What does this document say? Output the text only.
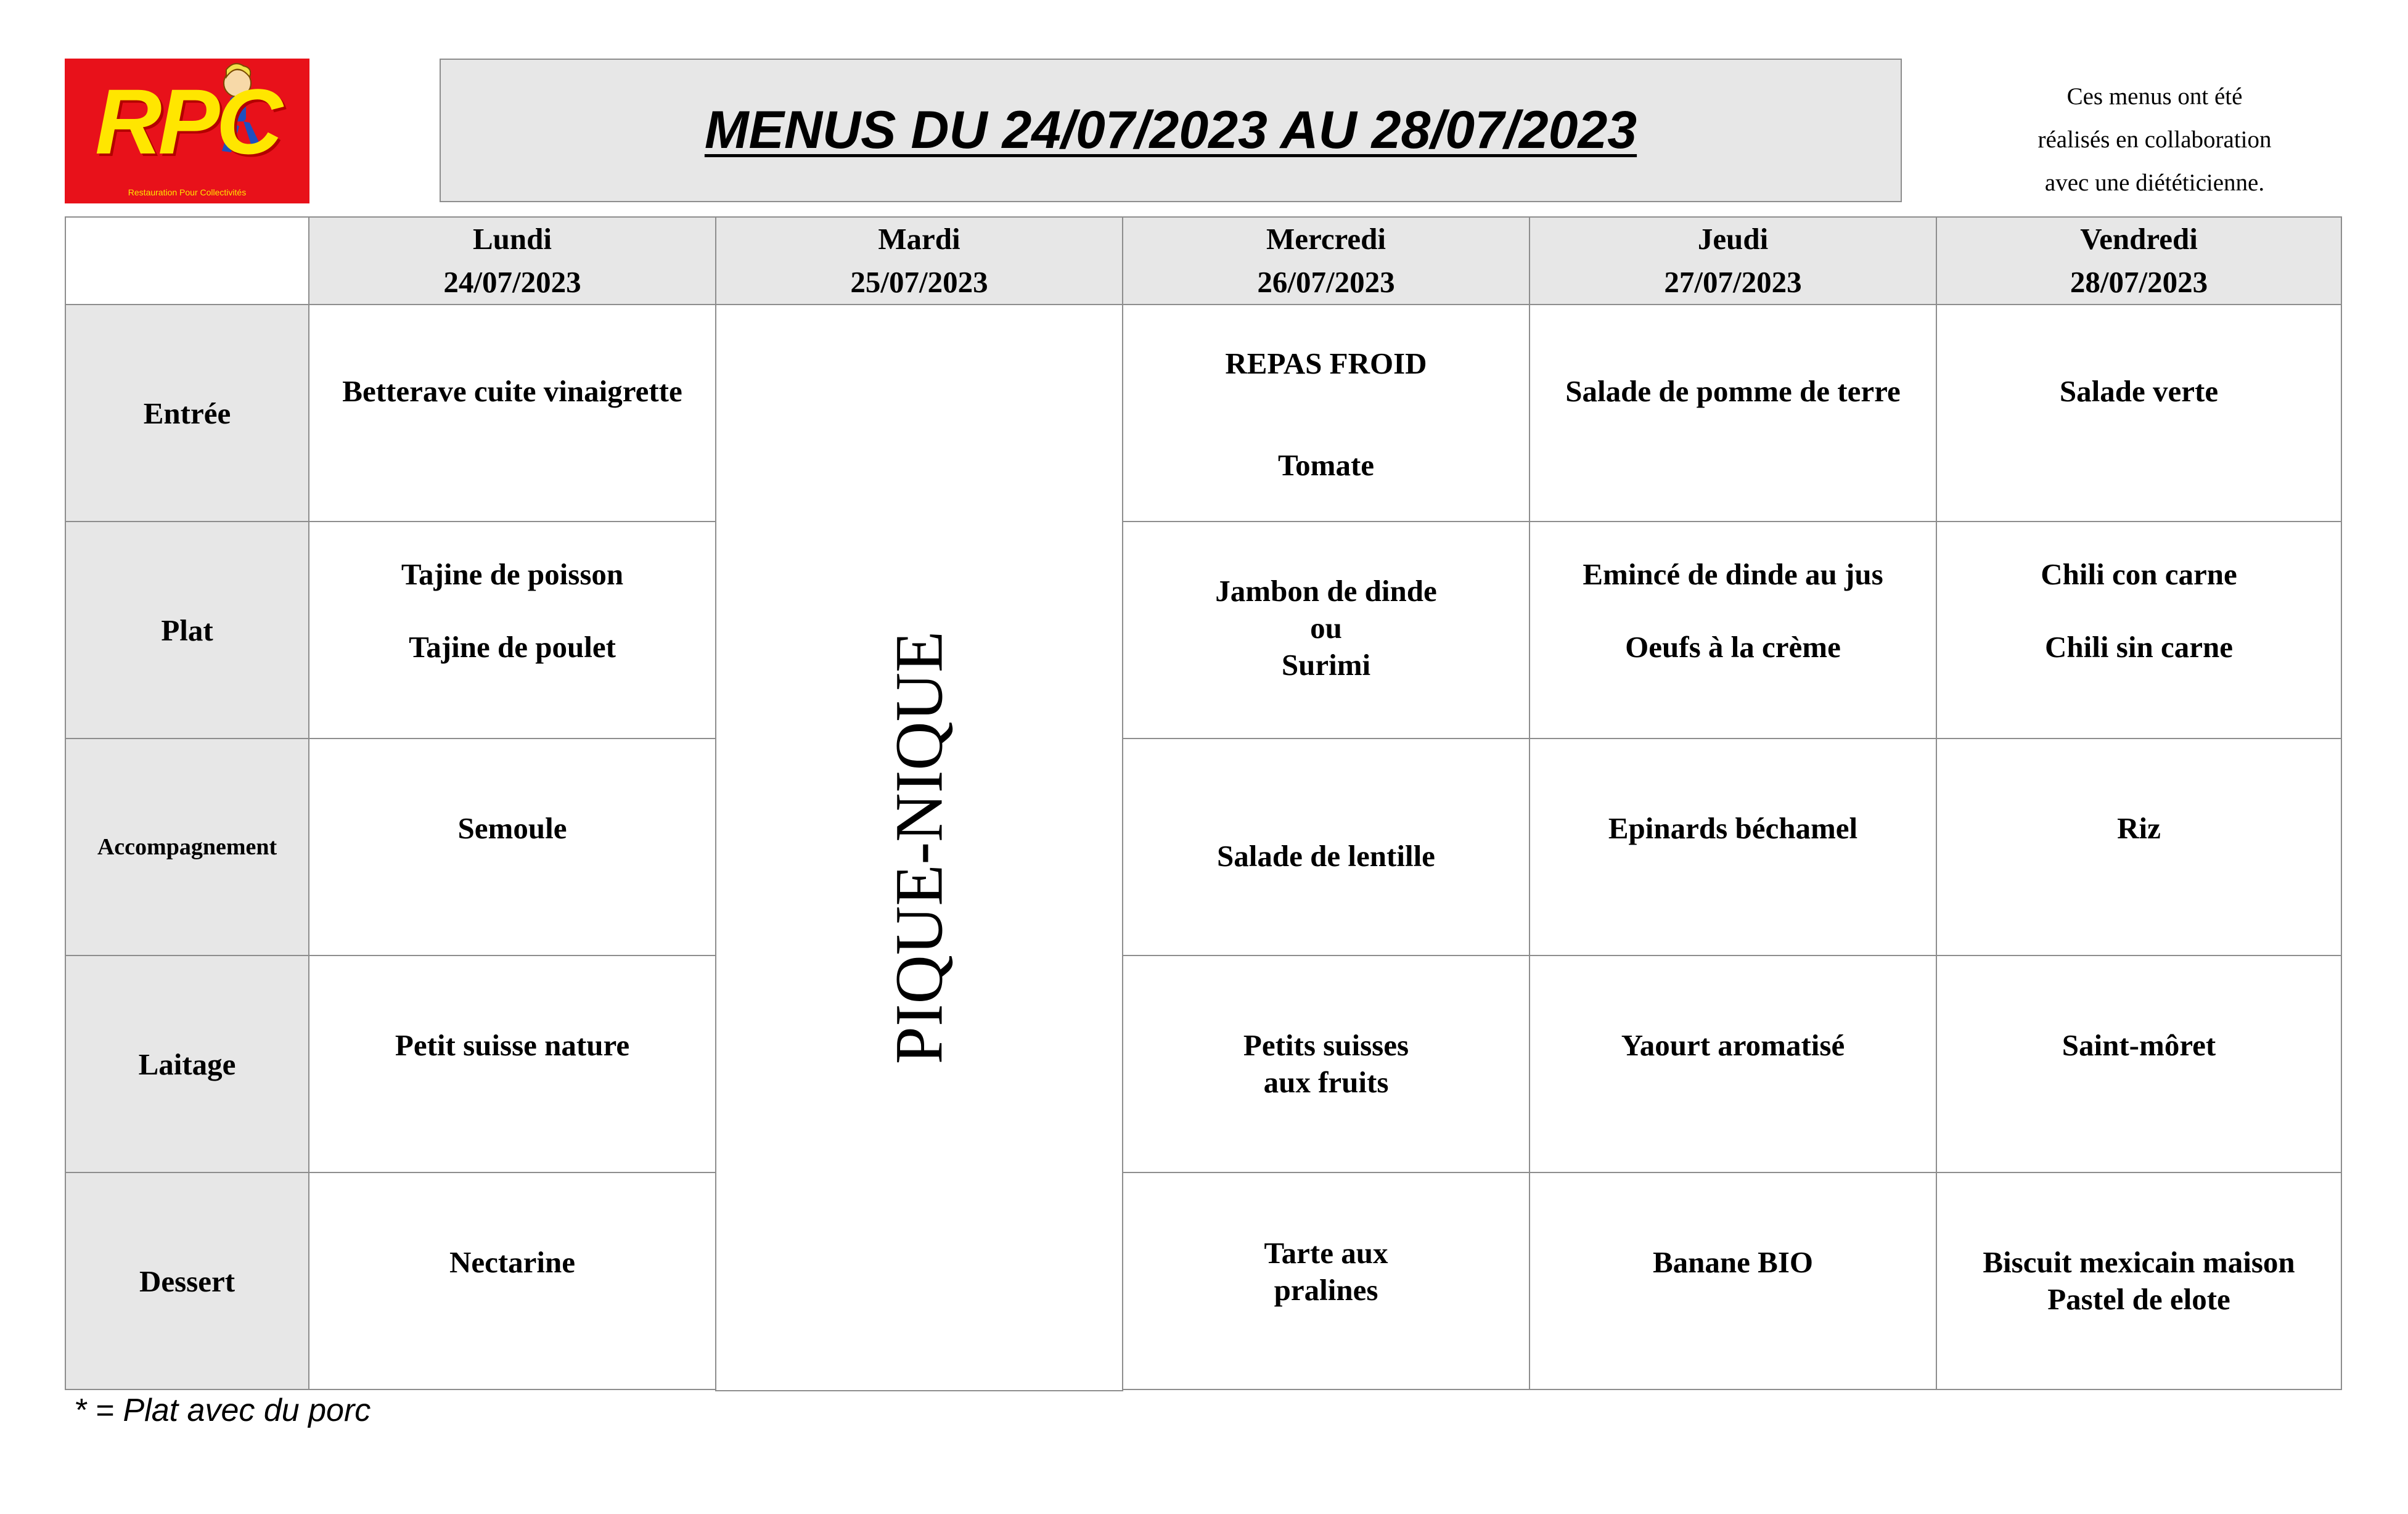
RPC
Restauration Pour Collectivités
MENUS DU 24/07/2023 AU 28/07/2023
Ces menus ont été
réalisés en collaboration
avec une diététicienne.
Lundi
24/07/2023
Mardi
25/07/2023
Mercredi
26/07/2023
Jeudi
27/07/2023
Vendredi
28/07/2023
Entrée
Plat
Accompagnement
Laitage
Dessert
Betterave cuite vinaigrette
Tajine de poisson
Tajine de poulet
Semoule
Petit suisse nature
Nectarine
PIQUE-NIQUE
REPAS FROID
Tomate
Jambon de dinde
ou
Surimi
Salade de lentille
Petits suisses
aux fruits
Tarte aux
pralines
Salade de pomme de terre
Emincé de dinde au jus
Oeufs à la crème
Epinards béchamel
Yaourt aromatisé
Banane BIO
Salade verte
Chili con carne
Chili sin carne
Riz
Saint-môret
Biscuit mexicain maison
Pastel de elote
* = Plat avec du porc
